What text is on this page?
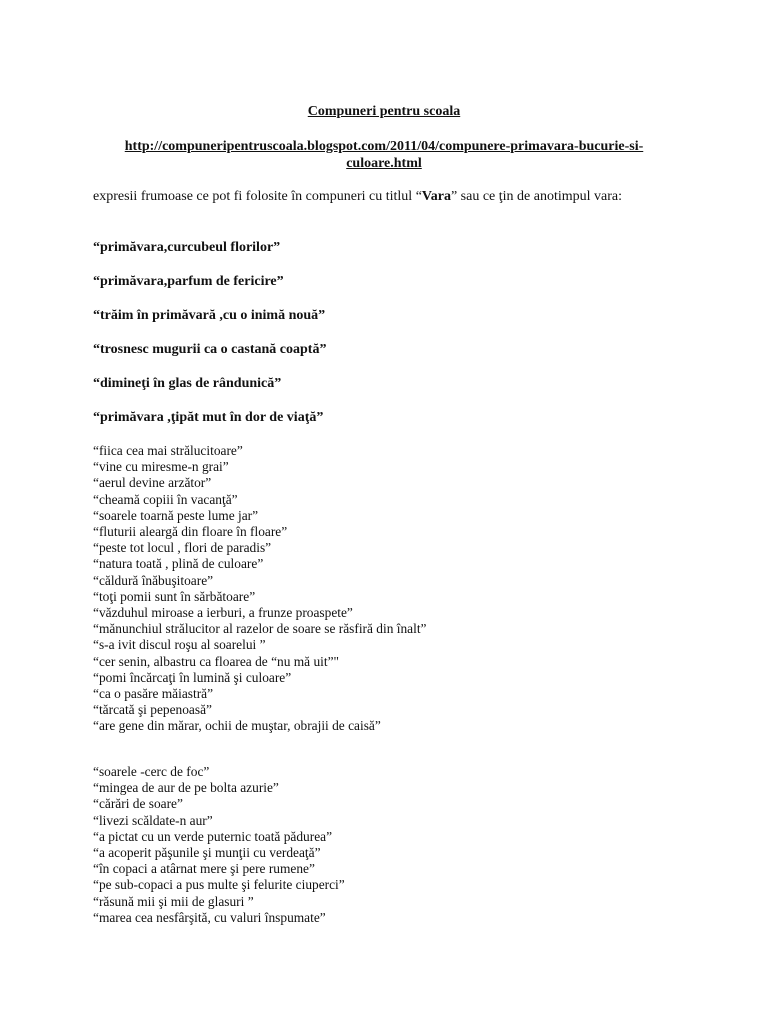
Compuneri pentru scoala
http://compuneripentruscoala.blogspot.com/2011/04/compunere-primavara-bucurie-si-culoare.html
expresii frumoase ce pot fi folosite în compuneri cu titlul “Vara” sau ce ţin de anotimpul vara:
“primăvara,curcubeul florilor”
“primăvara,parfum de fericire”
“trăim în primăvară ,cu o inimă nouă”
“trosnesc mugurii ca o castană coaptă”
“dimineţi în glas de rândunică”
“primăvara ,ţipăt mut în dor de viaţă”
“fiica cea mai strălucitoare”
“vine cu miresme-n grai”
“aerul devine arzător”
“cheamă copiii în vacanţă”
“soarele toarnă peste lume jar”
“fluturii aleargă din floare în floare”
“peste tot locul , flori de paradis”
“natura toată , plină de culoare”
“căldură înăbuşitoare”
“toţi pomii sunt în sărbătoare”
“văzduhul miroase a ierburi, a frunze proaspete”
“mănunchiul strălucitor al razelor de soare se răsfiră din înalt”
“s-a ivit discul roşu al soarelui ”
“cer senin, albastru ca floarea de “nu mă uit”"
“pomi încărcaţi în lumină şi culoare”
“ca o pasăre măiastră”
“tărcată şi pepenoasă”
“are gene din mărar, ochii de muştar, obrajii de caisă”
“soarele -cerc de foc”
“mingea de aur de pe bolta azurie”
“cărări de soare”
“livezi scăldate-n aur”
“a pictat cu un verde puternic toată pădurea”
“a acoperit păşunile şi munţii cu verdeaţă”
“în copaci a atârnat mere şi pere rumene”
“pe sub-copaci a pus multe şi felurite ciuperci”
“răsună mii şi mii de glasuri ”
“marea cea nesfârşită, cu valuri înspumate”
